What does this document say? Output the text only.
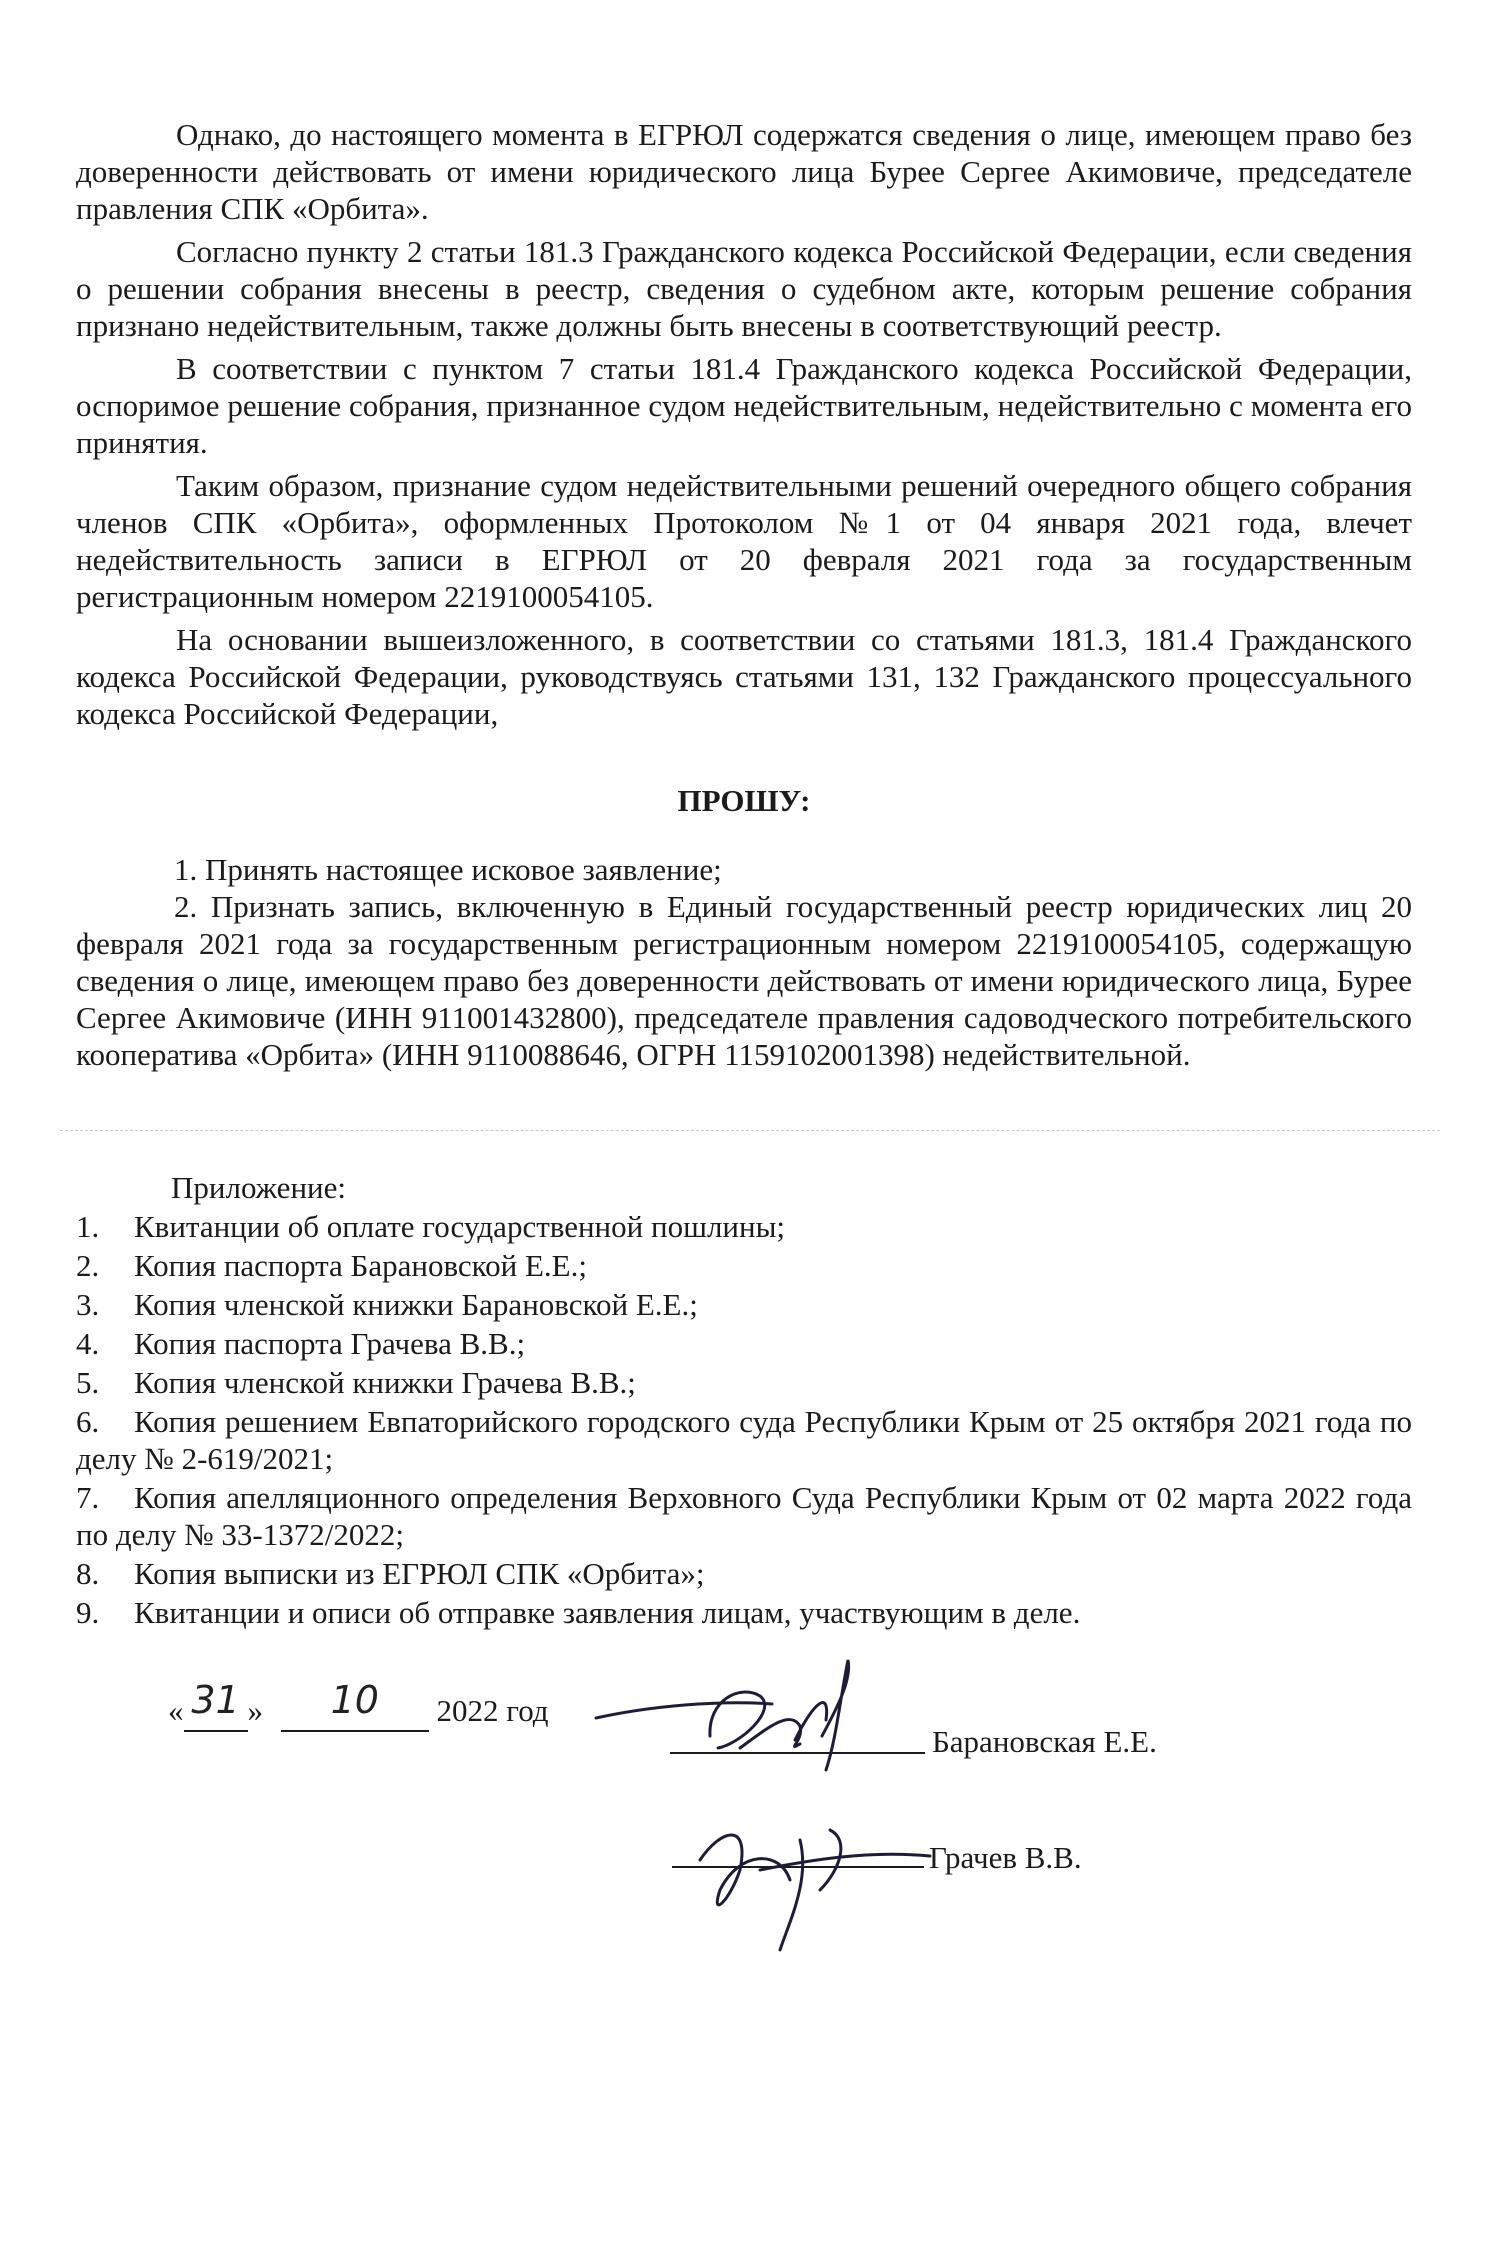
Однако, до настоящего момента в ЕГРЮЛ содержатся сведения о лице, имеющем право без доверенности действовать от имени юридического лица Бурее Сергее Акимовиче, председателе правления СПК «Орбита».

Согласно пункту 2 статьи 181.3 Гражданского кодекса Российской Федерации, если сведения о решении собрания внесены в реестр, сведения о судебном акте, которым решение собрания признано недействительным, также должны быть внесены в соответствующий реестр.

В соответствии с пунктом 7 статьи 181.4 Гражданского кодекса Российской Федерации, оспоримое решение собрания, признанное судом недействительным, недействительно с момента его принятия.

Таким образом, признание судом недействительными решений очередного общего собрания членов СПК «Орбита», оформленных Протоколом №1 от 04 января 2021 года, влечет недействительность записи в ЕГРЮЛ от 20 февраля 2021 года за государственным регистрационным номером 2219100054105.

На основании вышеизложенного, в соответствии со статьями 181.3, 181.4 Гражданского кодекса Российской Федерации, руководствуясь статьями 131, 132 Гражданского процессуального кодекса Российской Федерации,

ПРОШУ:

1. Принять настоящее исковое заявление;

2. Признать запись, включенную в Единый государственный реестр юридических лиц 20 февраля 2021 года за государственным регистрационным номером 2219100054105, содержащую сведения о лице, имеющем право без доверенности действовать от имени юридического лица, Бурее Сергее Акимовиче (ИНН 911001432800), председателе правления садоводческого потребительского кооператива «Орбита» (ИНН 9110088646, ОГРН 1159102001398) недействительной.

Приложение:

1. Квитанции об оплате государственной пошлины;

2. Копия паспорта Барановской Е.Е.;

3. Копия членской книжки Барановской Е.Е.;

4. Копия паспорта Грачева В.В.;

5. Копия членской книжки Грачева В.В.;

6. Копия решением Евпаторийского городского суда Республики Крым от 25 октября 2021 года по делу № 2-619/2021;

7. Копия апелляционного определения Верховного Суда Республики Крым от 02 марта 2022 года по делу № 33-1372/2022;

8. Копия выписки из ЕГРЮЛ СПК «Орбита»;

9. Квитанции и описи об отправке заявления лицам, участвующим в деле.

« 31 » 10 2022 год
Барановская Е.Е.
Грачев В.В.
